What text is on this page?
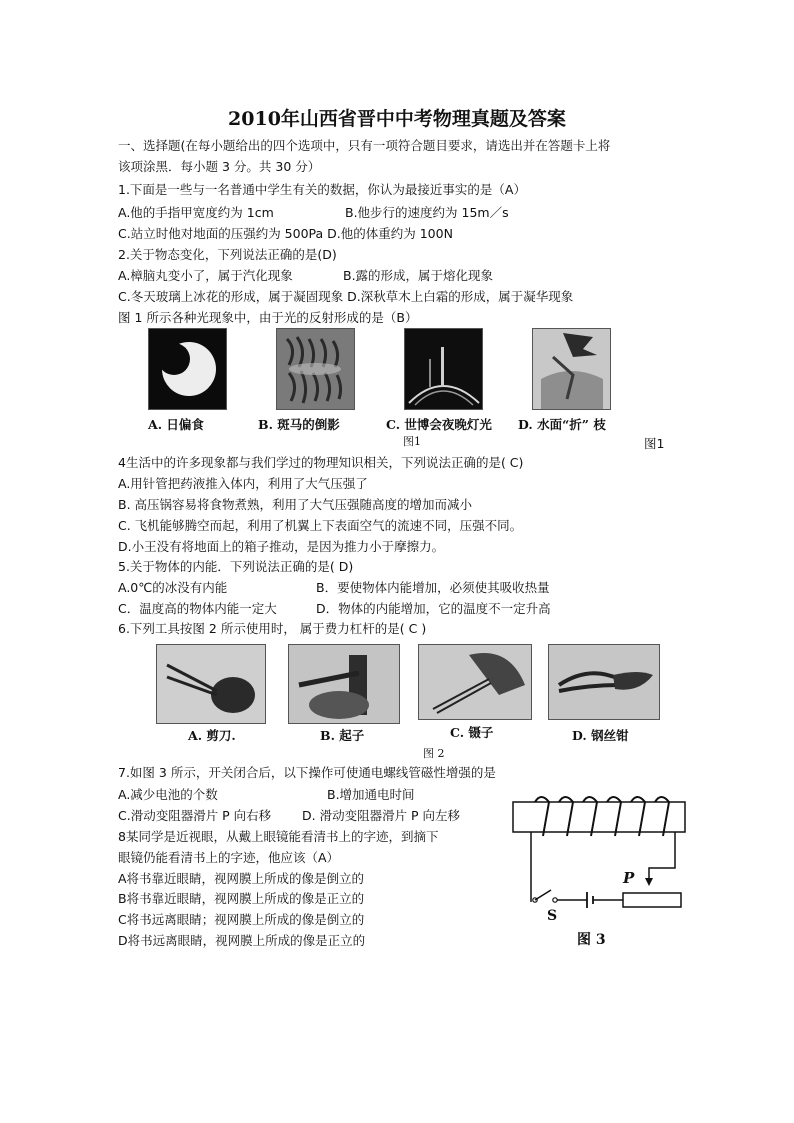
2010年山西省晋中中考物理真题及答案
一、选择题(在每小题给出的四个选项中，只有一项符合题目要求，请选出并在答题卡上将
该项涂黑．每小题 3 分。共 30 分）
1.下面是一些与一名普通中学生有关的数据，你认为最接近事实的是（A）
A.他的手指甲宽度约为 1cm	B.他步行的速度约为 15m／s
C.站立时他对地面的压强约为 500Pa D.他的体重约为 100N
2.关于物态变化，下列说法正确的是(D)
A.樟脑丸变小了，属于汽化现象	B.露的形成，属于熔化现象
C.冬天玻璃上冰花的形成，属于凝固现象 D.深秋草木上白霜的形成，属于凝华现象
图 1 所示各种光现象中，由于光的反射形成的是（B）
A. 日偏食	B. 斑马的倒影	C. 世博会夜晚灯光 D. 水面“折” 枝
图1	图1
4生活中的许多现象都与我们学过的物理知识相关，下列说法正确的是( C)
A.用针管把药液推入体内，利用了大气压强了
B. 高压锅容易将食物煮熟，利用了大气压强随高度的增加而减小
C. 飞机能够腾空而起，利用了机翼上下表面空气的流速不同，压强不同。
D.小王没有将地面上的箱子推动，是因为推力小于摩擦力。
5.关于物体的内能．下列说法正确的是( D)
A.0℃的冰没有内能	B．要使物体内能增加，必须使其吸收热量
C．温度高的物体内能一定大	D．物体的内能增加，它的温度不一定升高
6.下列工具按图 2 所示使用时， 属于费力杠杆的是( C )
A. 剪刀.	B. 起子	C. 镊子	D. 钢丝钳
图 2
7.如图 3 所示，开关闭合后，以下操作可使通电螺线管磁性增强的是
A.减少电池的个数	B.增加通电时间
C.滑动变阻器滑片 P 向右移 D. 滑动变阻器滑片 P 向左移
8某同学是近视眼，从戴上眼镜能看清书上的字迹，到摘下
眼镜仍能看清书上的字迹，他应该（A）
A将书靠近眼睛，视网膜上所成的像是倒立的
B将书靠近眼睛，视网膜上所成的像是正立的
C将书远离眼睛；视网膜上所成的像是倒立的
D将书远离眼睛，视网膜上所成的像是正立的
P
S
图 3
